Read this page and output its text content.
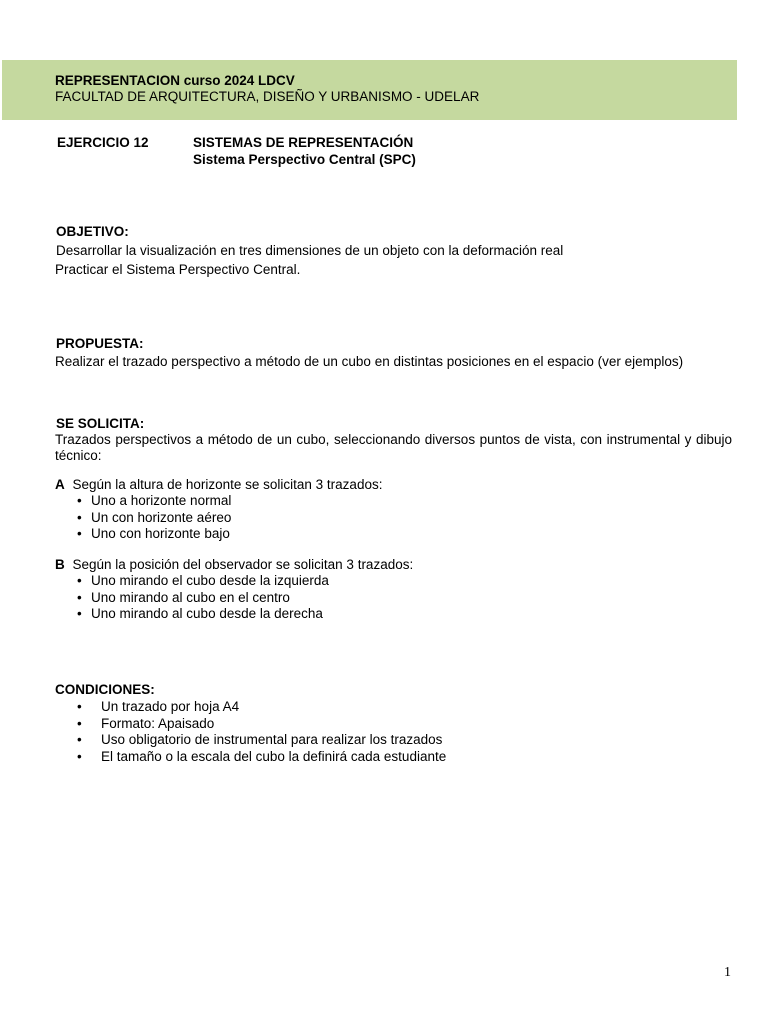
REPRESENTACION curso 2024 LDCV
FACULTAD DE ARQUITECTURA, DISEÑO Y URBANISMO - UDELAR
EJERCICIO 12	SISTEMAS DE REPRESENTACIÓN
Sistema Perspectivo Central (SPC)
OBJETIVO:
Desarrollar la visualización en tres dimensiones de un objeto con la deformación real
Practicar el Sistema Perspectivo Central.
PROPUESTA:
Realizar el trazado perspectivo a método de un cubo en distintas posiciones en el espacio (ver ejemplos)
SE SOLICITA:
Trazados perspectivos a método de un cubo, seleccionando diversos puntos de vista, con instrumental y dibujo técnico:
A Según la altura de horizonte se solicitan 3 trazados:
• Uno a horizonte normal
• Un con horizonte aéreo
• Uno con horizonte bajo
B Según la posición del observador se solicitan 3 trazados:
• Uno mirando el cubo desde la izquierda
• Uno mirando al cubo en el centro
• Uno mirando al cubo desde la derecha
CONDICIONES:
• Un trazado por hoja A4
• Formato: Apaisado
• Uso obligatorio de instrumental para realizar los trazados
• El tamaño o la escala del cubo la definirá cada estudiante
1
